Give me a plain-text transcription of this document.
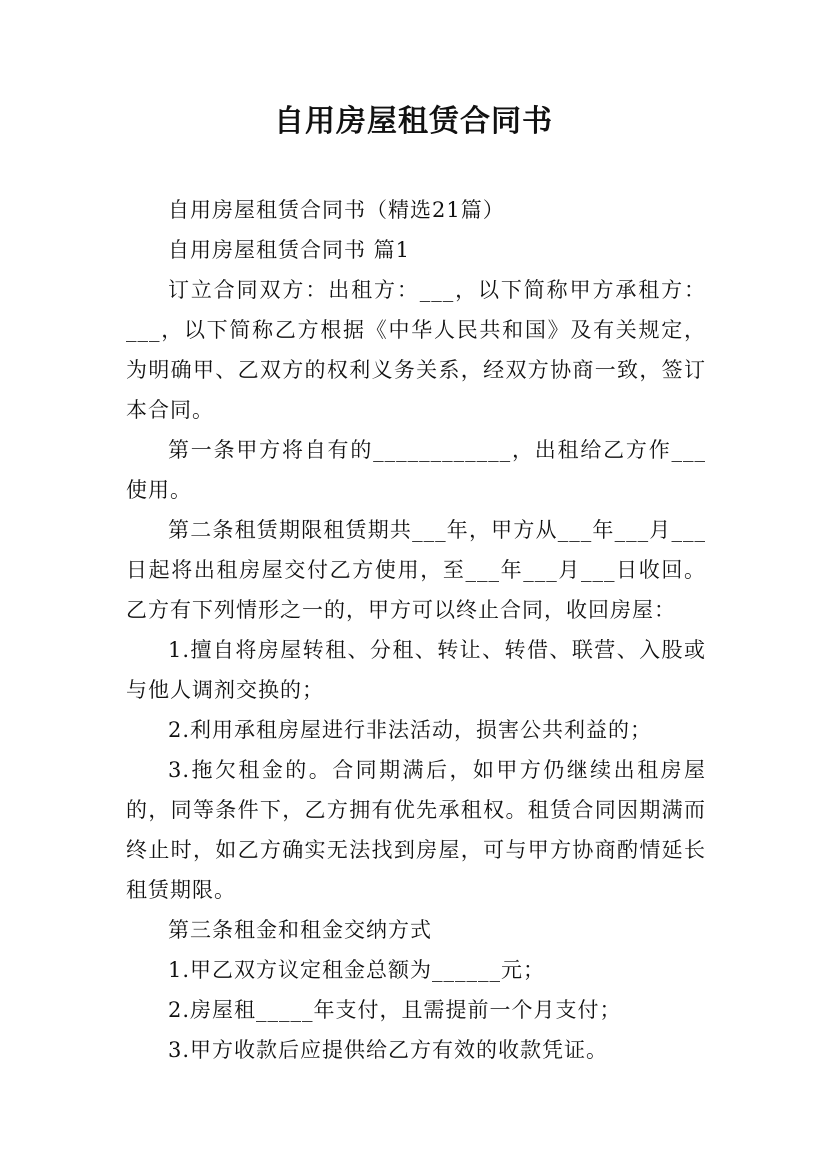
自用房屋租赁合同书

自用房屋租赁合同书（精选21篇）

自用房屋租赁合同书 篇1

订立合同双方：出租方：___，以下简称甲方承租方：___，以下简称乙方根据《中华人民共和国》及有关规定，为明确甲、乙双方的权利义务关系，经双方协商一致，签订本合同。

第一条甲方将自有的____________，出租给乙方作___使用。

第二条租赁期限租赁期共___年，甲方从___年___月___日起将出租房屋交付乙方使用，至___年___月___日收回。乙方有下列情形之一的，甲方可以终止合同，收回房屋：

1.擅自将房屋转租、分租、转让、转借、联营、入股或与他人调剂交换的；

2.利用承租房屋进行非法活动，损害公共利益的；

3.拖欠租金的。合同期满后，如甲方仍继续出租房屋的，同等条件下，乙方拥有优先承租权。租赁合同因期满而终止时，如乙方确实无法找到房屋，可与甲方协商酌情延长租赁期限。

第三条租金和租金交纳方式

1.甲乙双方议定租金总额为______元；

2.房屋租_____年支付，且需提前一个月支付；

3.甲方收款后应提供给乙方有效的收款凭证。
